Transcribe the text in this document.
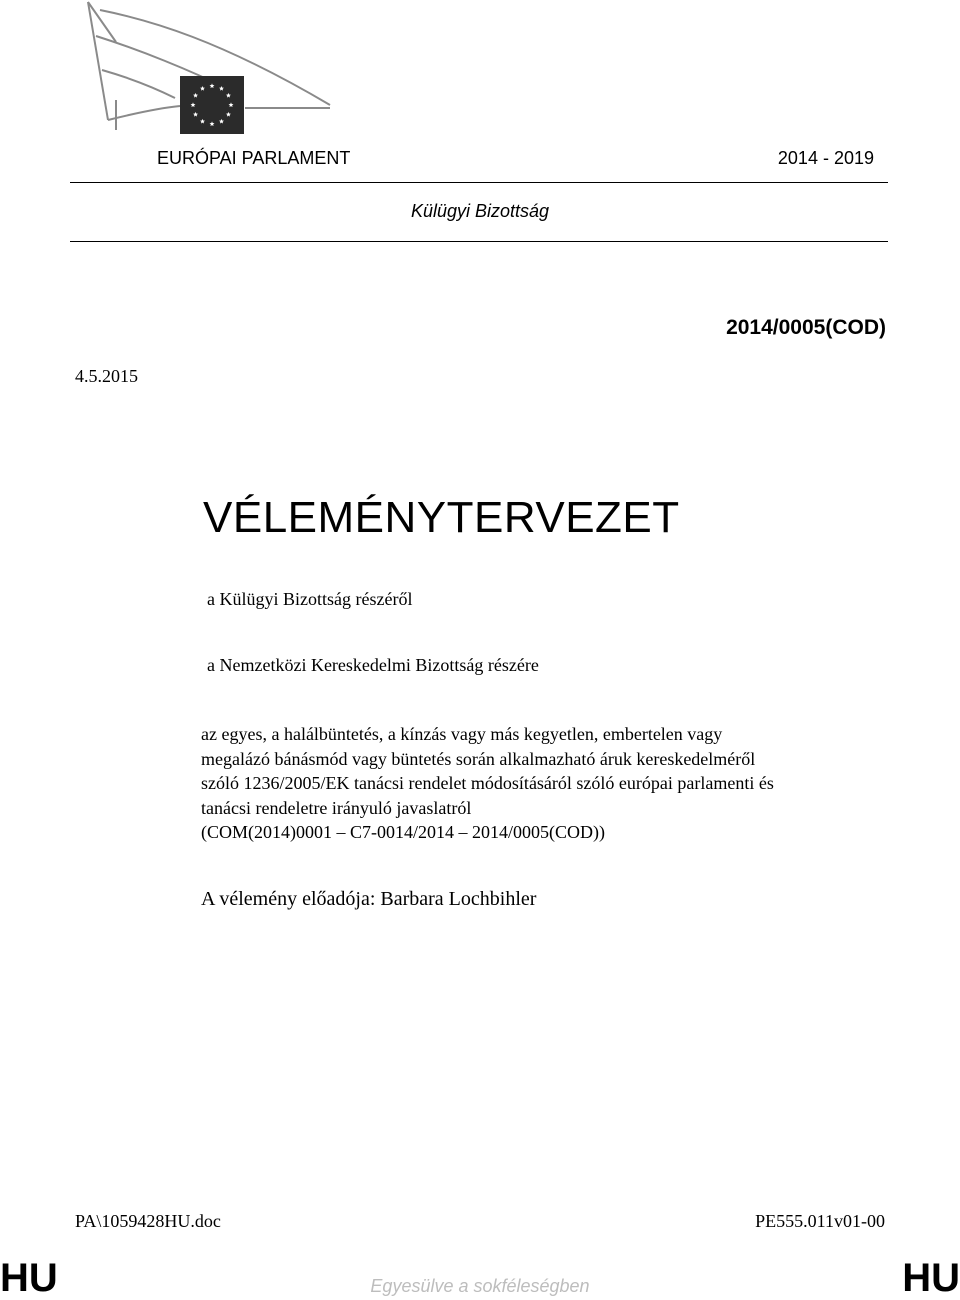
EURÓPAI PARLAMENT	2014 - 2019
Külügyi Bizottság
2014/0005(COD)
4.5.2015
VÉLEMÉNYTERVEZET
a Külügyi Bizottság részéről
a Nemzetközi Kereskedelmi Bizottság részére
az egyes, a halálbüntetés, a kínzás vagy más kegyetlen, embertelen vagy
megalázó bánásmód vagy büntetés során alkalmazható áruk kereskedelméről
szóló 1236/2005/EK tanácsi rendelet módosításáról szóló európai parlamenti és
tanácsi rendeletre irányuló javaslatról
(COM(2014)0001 – C7-0014/2014 – 2014/0005(COD))
A vélemény előadója: Barbara Lochbihler
PA\1059428HU.doc	PE555.011v01-00
HU	Egyesülve a sokféleségben	HU
